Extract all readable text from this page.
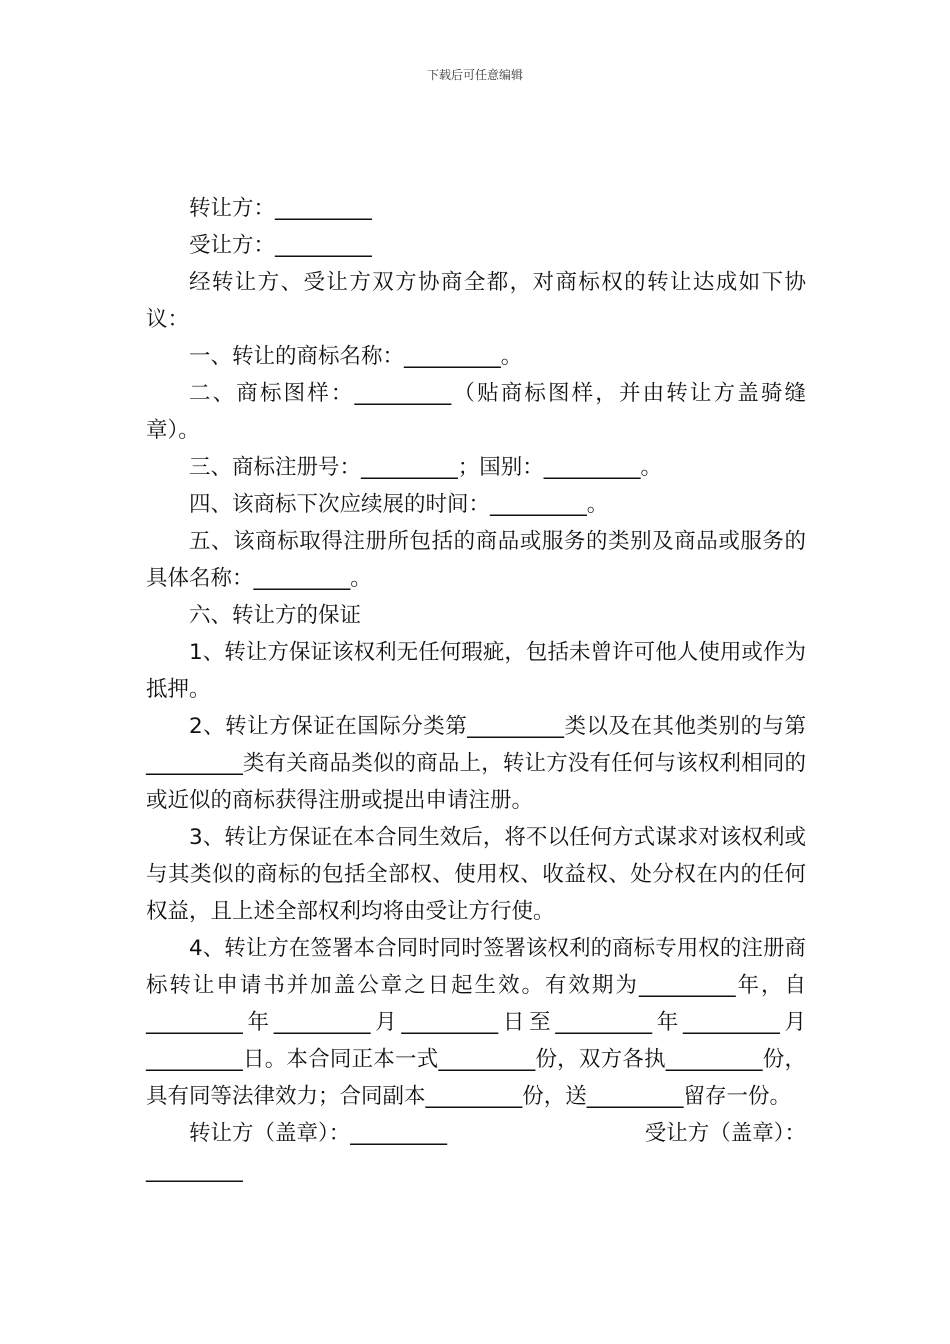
下载后可任意编辑

转让方：_________

受让方：_________

经转让方、受让方双方协商全都，对商标权的转让达成如下协议：

一、转让的商标名称：_________。

二、商标图样：_________（贴商标图样，并由转让方盖骑缝章）。

三、商标注册号：_________；国别：_________。

四、该商标下次应续展的时间：_________。

五、该商标取得注册所包括的商品或服务的类别及商品或服务的具体名称：_________。

六、转让方的保证

1、转让方保证该权利无任何瑕疵，包括未曾许可他人使用或作为抵押。

2、转让方保证在国际分类第_________类以及在其他类别的与第_________类有关商品类似的商品上，转让方没有任何与该权利相同的或近似的商标获得注册或提出申请注册。

3、转让方保证在本合同生效后，将不以任何方式谋求对该权利或与其类似的商标的包括全部权、使用权、收益权、处分权在内的任何权益，且上述全部权利均将由受让方行使。

4、转让方在签署本合同时同时签署该权利的商标专用权的注册商标转让申请书并加盖公章之日起生效。有效期为_________年，自_________年_________月_________日至_________年_________月_________日。本合同正本一式_________份，双方各执_________份，具有同等法律效力；合同副本_________份，送_________留存一份。

转让方（盖章）：_________	受让方（盖章）：
_________
